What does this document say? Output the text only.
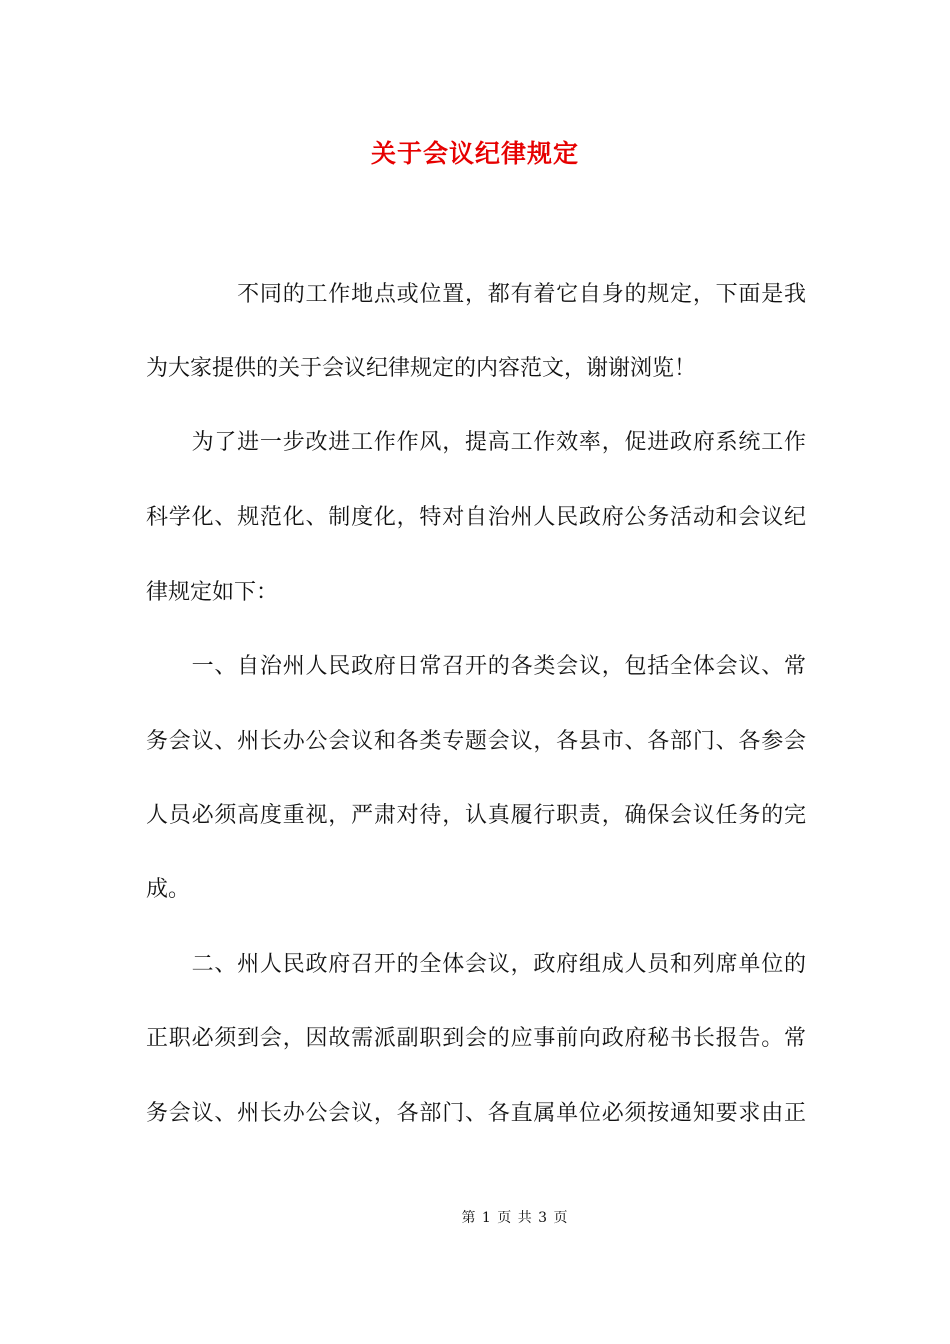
关于会议纪律规定
　　　　不同的工作地点或位置，都有着它自身的规定，下面是我
为大家提供的关于会议纪律规定的内容范文，谢谢浏览！
　　为了进一步改进工作作风，提高工作效率，促进政府系统工作
科学化、规范化、制度化，特对自治州人民政府公务活动和会议纪
律规定如下：
　　一、自治州人民政府日常召开的各类会议，包括全体会议、常
务会议、州长办公会议和各类专题会议，各县市、各部门、各参会
人员必须高度重视，严肃对待，认真履行职责，确保会议任务的完
成。
　　二、州人民政府召开的全体会议，政府组成人员和列席单位的
正职必须到会，因故需派副职到会的应事前向政府秘书长报告。常
务会议、州长办公会议，各部门、各直属单位必须按通知要求由正
第 1 页 共 3 页
